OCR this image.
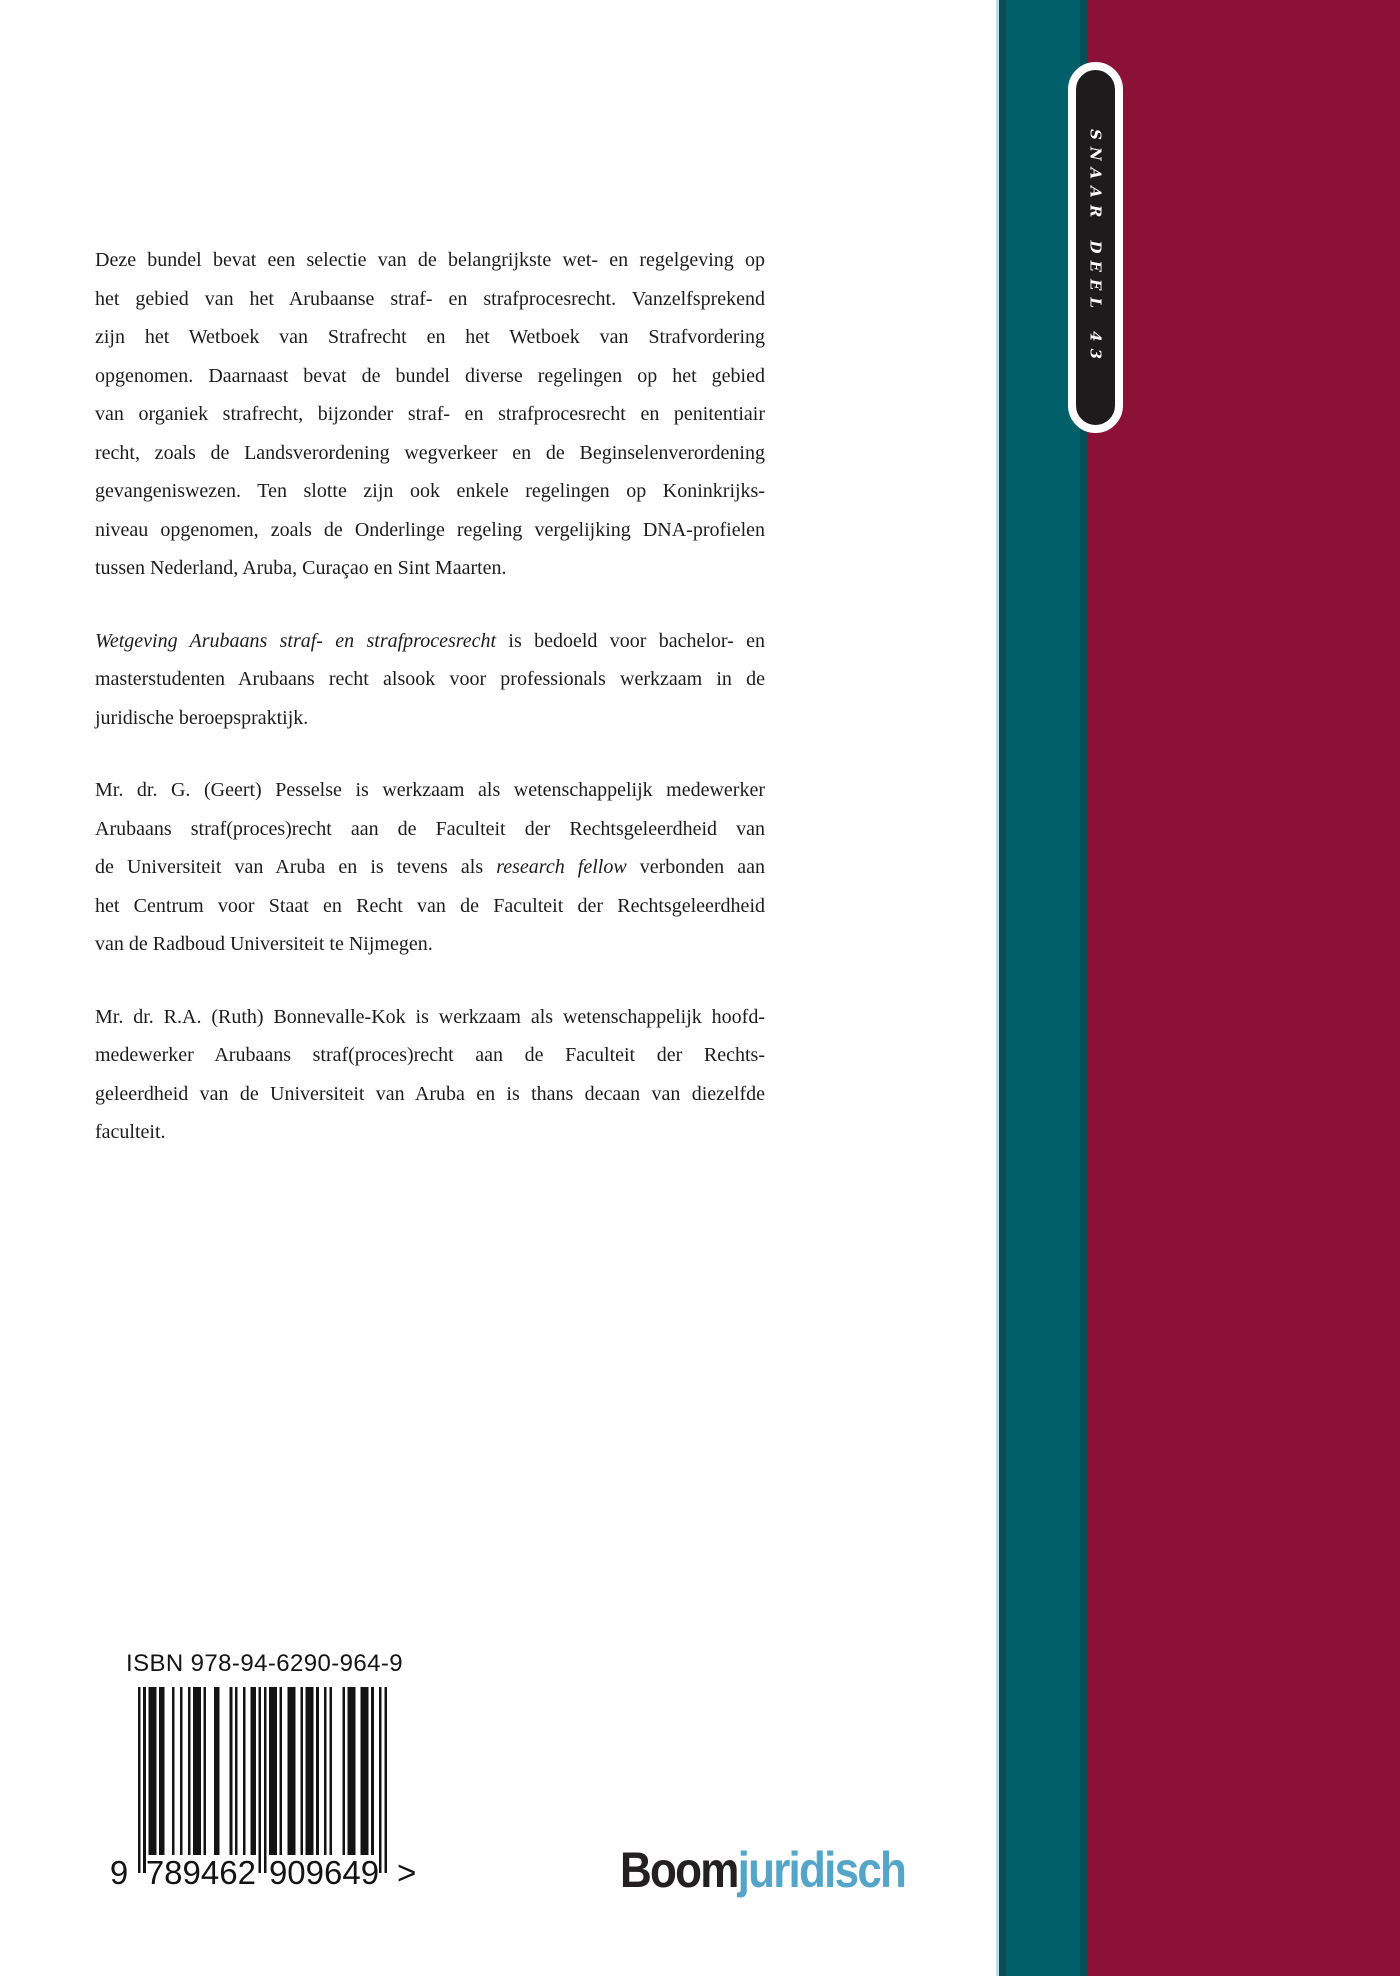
Deze bundel bevat een selectie van de belangrijkste wet- en regelgeving op
het gebied van het Arubaanse straf- en strafprocesrecht. Vanzelfsprekend
zijn het Wetboek van Strafrecht en het Wetboek van Strafvordering
opgenomen. Daarnaast bevat de bundel diverse regelingen op het gebied
van organiek strafrecht, bijzonder straf- en strafprocesrecht en penitentiair
recht, zoals de Landsverordening wegverkeer en de Beginselenverordening
gevangeniswezen. Ten slotte zijn ook enkele regelingen op Koninkrijks-
niveau opgenomen, zoals de Onderlinge regeling vergelijking DNA-profielen
tussen Nederland, Aruba, Curaçao en Sint Maarten.
Wetgeving Arubaans straf- en strafprocesrecht is bedoeld voor bachelor- en
masterstudenten Arubaans recht alsook voor professionals werkzaam in de
juridische beroepspraktijk.
Mr. dr. G. (Geert) Pesselse is werkzaam als wetenschappelijk medewerker
Arubaans straf(proces)recht aan de Faculteit der Rechtsgeleerdheid van
de Universiteit van Aruba en is tevens als research fellow verbonden aan
het Centrum voor Staat en Recht van de Faculteit der Rechtsgeleerdheid
van de Radboud Universiteit te Nijmegen.
Mr. dr. R.A. (Ruth) Bonnevalle-Kok is werkzaam als wetenschappelijk hoofd-
medewerker Arubaans straf(proces)recht aan de Faculteit der Rechts-
geleerdheid van de Universiteit van Aruba en is thans decaan van diezelfde
faculteit.
ISBN 978-94-6290-964-9
9 789462 909649 >	Boomjuridisch
SNAAR DEEL 43
